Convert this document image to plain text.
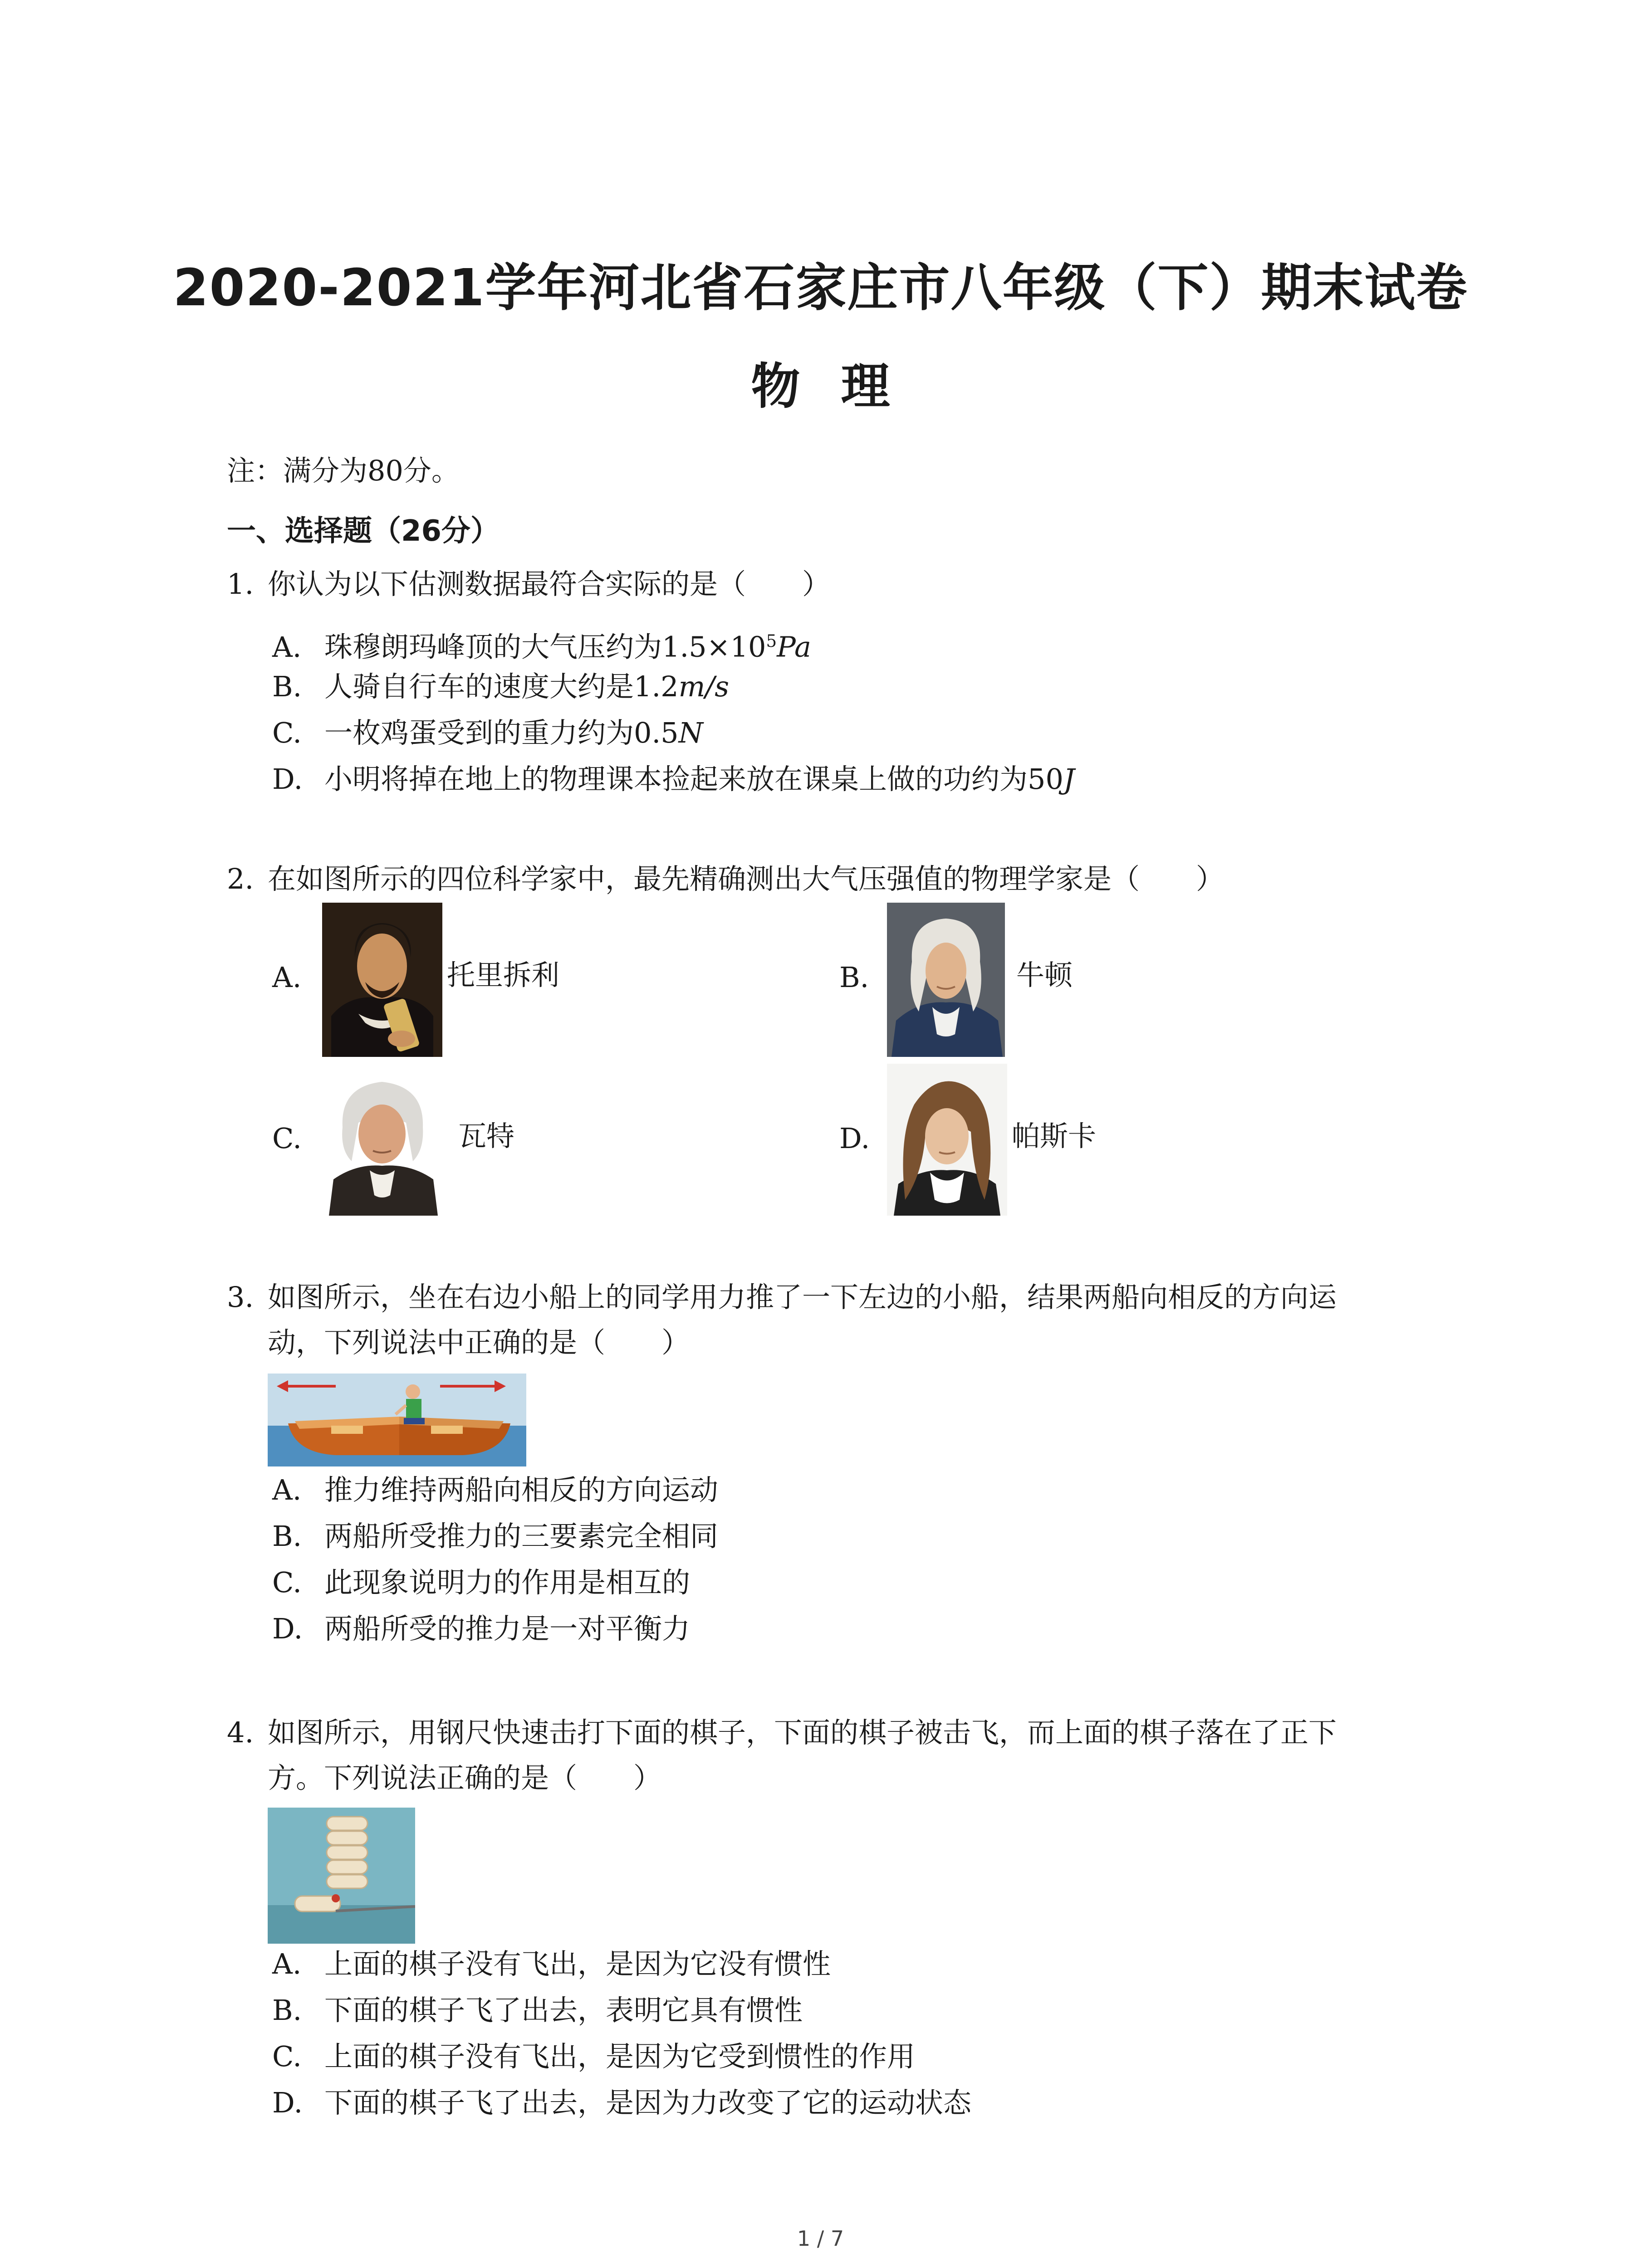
2020-2021学年河北省石家庄市八年级（下）期末试卷
物理
注：满分为80分。
一、选择题（26分）
1. 你认为以下估测数据最符合实际的是（　　）
A. 珠穆朗玛峰顶的大气压约为$1.5\times 10^5Pa$
B. 人骑自行车的速度大约是1.2m/s
C. 一枚鸡蛋受到的重力约为0.5N
D. 小明将掉在地上的物理课本捡起来放在课桌上做的功约为50J
2. 在如图所示的四位科学家中，最先精确测出大气压强值的物理学家是（　　）
A.	托里拆利	B.	牛顿
C.	瓦特	D.	帕斯卡
3. 如图所示，坐在右边小船上的同学用力推了一下左边的小船，结果两船向相反的方向运
动，下列说法中正确的是（　　）
A. 推力维持两船向相反的方向运动
B. 两船所受推力的三要素完全相同
C. 此现象说明力的作用是相互的
D. 两船所受的推力是一对平衡力
4. 如图所示，用钢尺快速击打下面的棋子，下面的棋子被击飞，而上面的棋子落在了正下
方。下列说法正确的是（　　）
A. 上面的棋子没有飞出，是因为它没有惯性
B. 下面的棋子飞了出去，表明它具有惯性
C. 上面的棋子没有飞出，是因为它受到惯性的作用
D. 下面的棋子飞了出去，是因为力改变了它的运动状态
1 / 7
